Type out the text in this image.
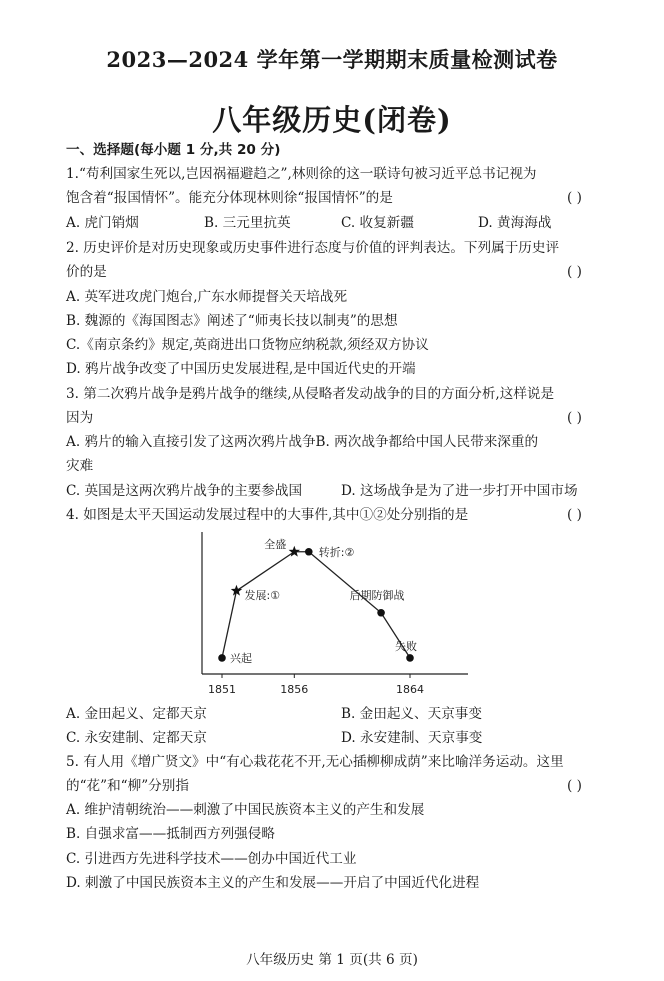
2023—2024 学年第一学期期末质量检测试卷
八年级历史(闭卷)
一、选择题(每小题 1 分,共 20 分)
1.“苟利国家生死以,岂因祸福避趋之”,林则徐的这一联诗句被习近平总书记视为
饱含着“报国情怀”。能充分体现林则徐“报国情怀”的是	( )
A. 虎门销烟	B. 三元里抗英	C. 收复新疆	D. 黄海海战
2. 历史评价是对历史现象或历史事件进行态度与价值的评判表达。下列属于历史评
价的是	( )
A. 英军进攻虎门炮台,广东水师提督关天培战死
B. 魏源的《海国图志》阐述了“师夷长技以制夷”的思想
C.《南京条约》规定,英商进出口货物应纳税款,须经双方协议
D. 鸦片战争改变了中国历史发展进程,是中国近代史的开端
3. 第二次鸦片战争是鸦片战争的继续,从侵略者发动战争的目的方面分析,这样说是
因为	( )
A. 鸦片的输入直接引发了这两次鸦片战争B. 两次战争都给中国人民带来深重的
灾难
C. 英国是这两次鸦片战争的主要参战国	D. 这场战争是为了进一步打开中国市场
4. 如图是太平天国运动发展过程中的大事件,其中①②处分别指的是	( )
1851	1856	1864
兴起
发展:①
全盛
转折:②
后期防御战
失败
A. 金田起义、定都天京	B. 金田起义、天京事变
C. 永安建制、定都天京	D. 永安建制、天京事变
5. 有人用《增广贤文》中“有心栽花花不开,无心插柳柳成荫”来比喻洋务运动。这里
的“花”和“柳”分别指	( )
A. 维护清朝统治——刺激了中国民族资本主义的产生和发展
B. 自强求富——抵制西方列强侵略
C. 引进西方先进科学技术——创办中国近代工业
D. 刺激了中国民族资本主义的产生和发展——开启了中国近代化进程
八年级历史 第 1 页(共 6 页)
